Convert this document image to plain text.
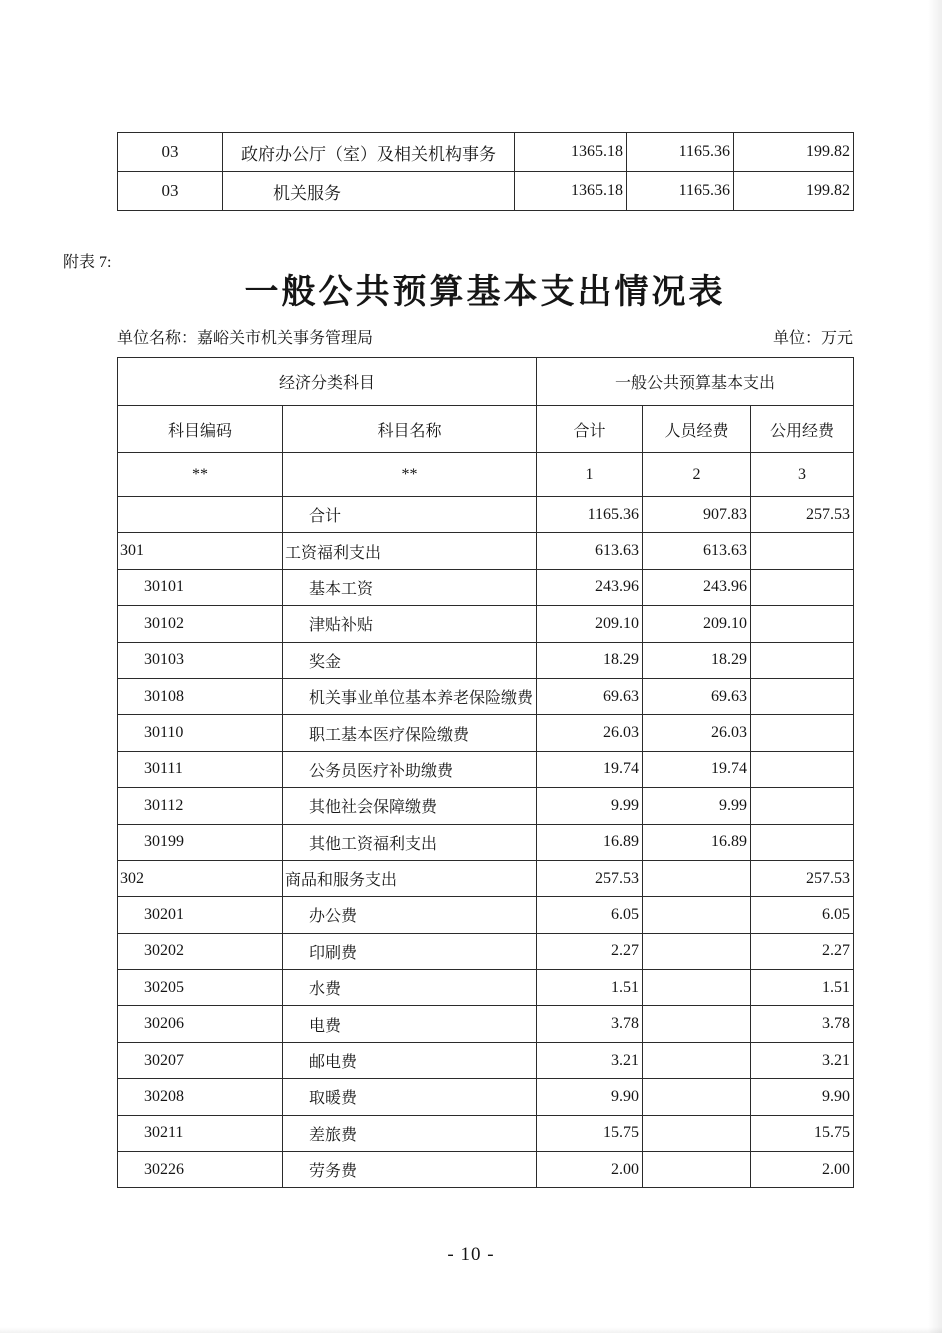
03	政府办公厅（室）及相关机构事务	1365.18	1165.36	199.82
03	机关服务	1365.18	1165.36	199.82
附表 7:
一般公共预算基本支出情况表
单位名称：嘉峪关市机关事务管理局	单位：万元
经济分类科目		一般公共预算基本支出		
科目编码	科目名称	合计	人员经费	公用经费
**	**	1	2	3
	合计	1165.36	907.83	257.53
301	工资福利支出	613.63	613.63	
30101	基本工资	243.96	243.96	
30102	津贴补贴	209.10	209.10	
30103	奖金	18.29	18.29	
30108	机关事业单位基本养老保险缴费	69.63	69.63	
30110	职工基本医疗保险缴费	26.03	26.03	
30111	公务员医疗补助缴费	19.74	19.74	
30112	其他社会保障缴费	9.99	9.99	
30199	其他工资福利支出	16.89	16.89	
302	商品和服务支出	257.53		257.53
30201	办公费	6.05		6.05
30202	印刷费	2.27		2.27
30205	水费	1.51		1.51
30206	电费	3.78		3.78
30207	邮电费	3.21		3.21
30208	取暖费	9.90		9.90
30211	差旅费	15.75		15.75
30226	劳务费	2.00		2.00
- 10 -
